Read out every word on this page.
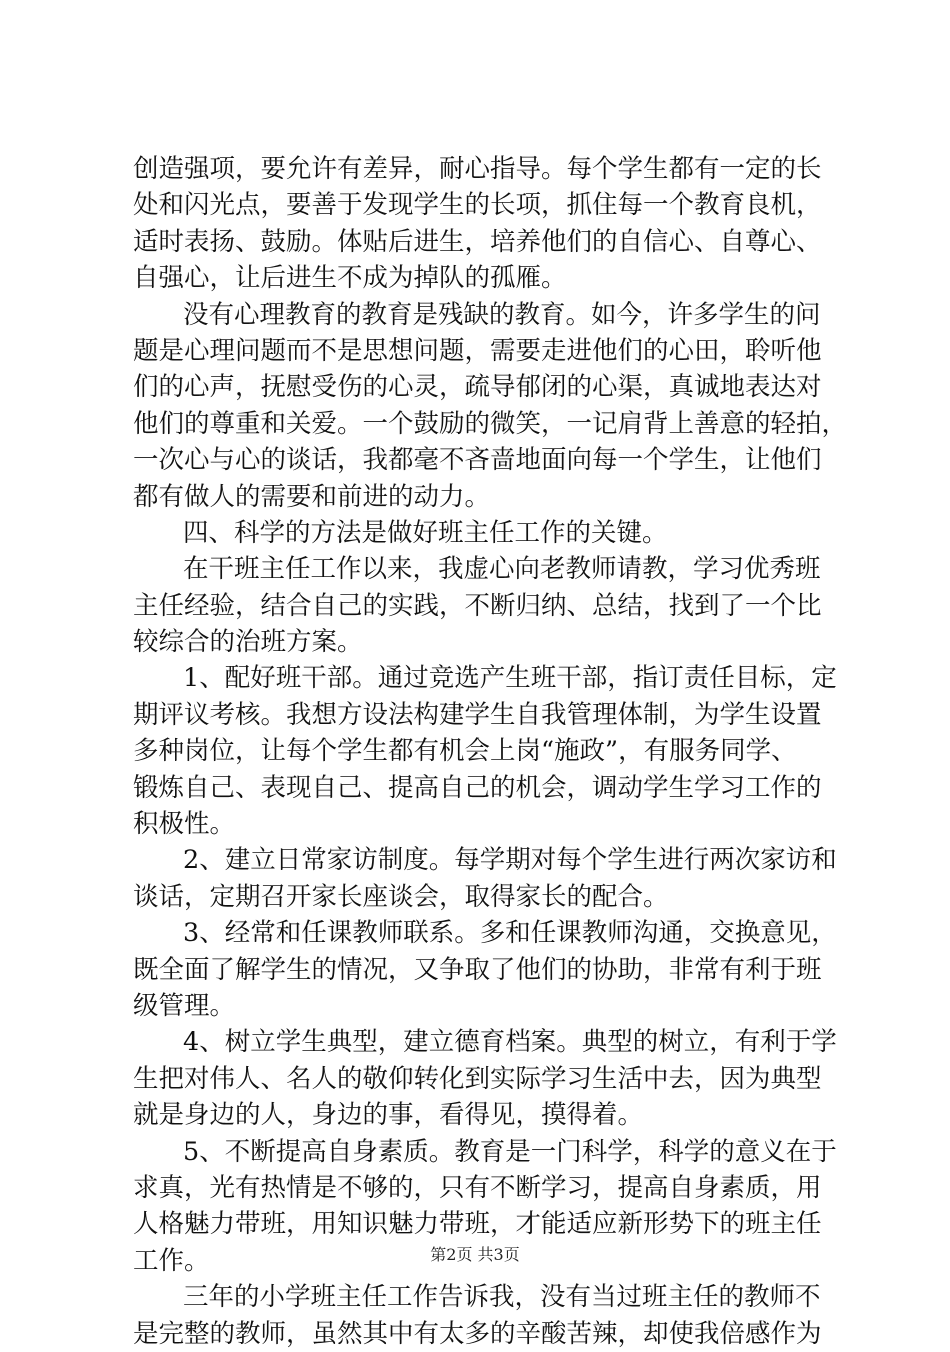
创造强项，要允许有差异，耐心指导。每个学生都有一定的长
处和闪光点，要善于发现学生的长项，抓住每一个教育良机，
适时表扬、鼓励。体贴后进生，培养他们的自信心、自尊心、
自强心，让后进生不成为掉队的孤雁。
没有心理教育的教育是残缺的教育。如今，许多学生的问
题是心理问题而不是思想问题，需要走进他们的心田，聆听他
们的心声，抚慰受伤的心灵，疏导郁闭的心渠，真诚地表达对
他们的尊重和关爱。一个鼓励的微笑，一记肩背上善意的轻拍，
一次心与心的谈话，我都毫不吝啬地面向每一个学生，让他们
都有做人的需要和前进的动力。
四、科学的方法是做好班主任工作的关键。
在干班主任工作以来，我虚心向老教师请教，学习优秀班
主任经验，结合自己的实践，不断归纳、总结，找到了一个比
较综合的治班方案。
1、配好班干部。通过竞选产生班干部，指订责任目标，定
期评议考核。我想方设法构建学生自我管理体制，为学生设置
多种岗位，让每个学生都有机会上岗“施政”，有服务同学、
锻炼自己、表现自己、提高自己的机会，调动学生学习工作的
积极性。
2、建立日常家访制度。每学期对每个学生进行两次家访和
谈话，定期召开家长座谈会，取得家长的配合。
3、经常和任课教师联系。多和任课教师沟通，交换意见，
既全面了解学生的情况，又争取了他们的协助，非常有利于班
级管理。
4、树立学生典型，建立德育档案。典型的树立，有利于学
生把对伟人、名人的敬仰转化到实际学习生活中去，因为典型
就是身边的人，身边的事，看得见，摸得着。
5、不断提高自身素质。教育是一门科学，科学的意义在于
求真，光有热情是不够的，只有不断学习，提高自身素质，用
人格魅力带班，用知识魅力带班，才能适应新形势下的班主任
工作。
三年的小学班主任工作告诉我，没有当过班主任的教师不
是完整的教师，虽然其中有太多的辛酸苦辣，却使我倍感作为
第2页 共3页
